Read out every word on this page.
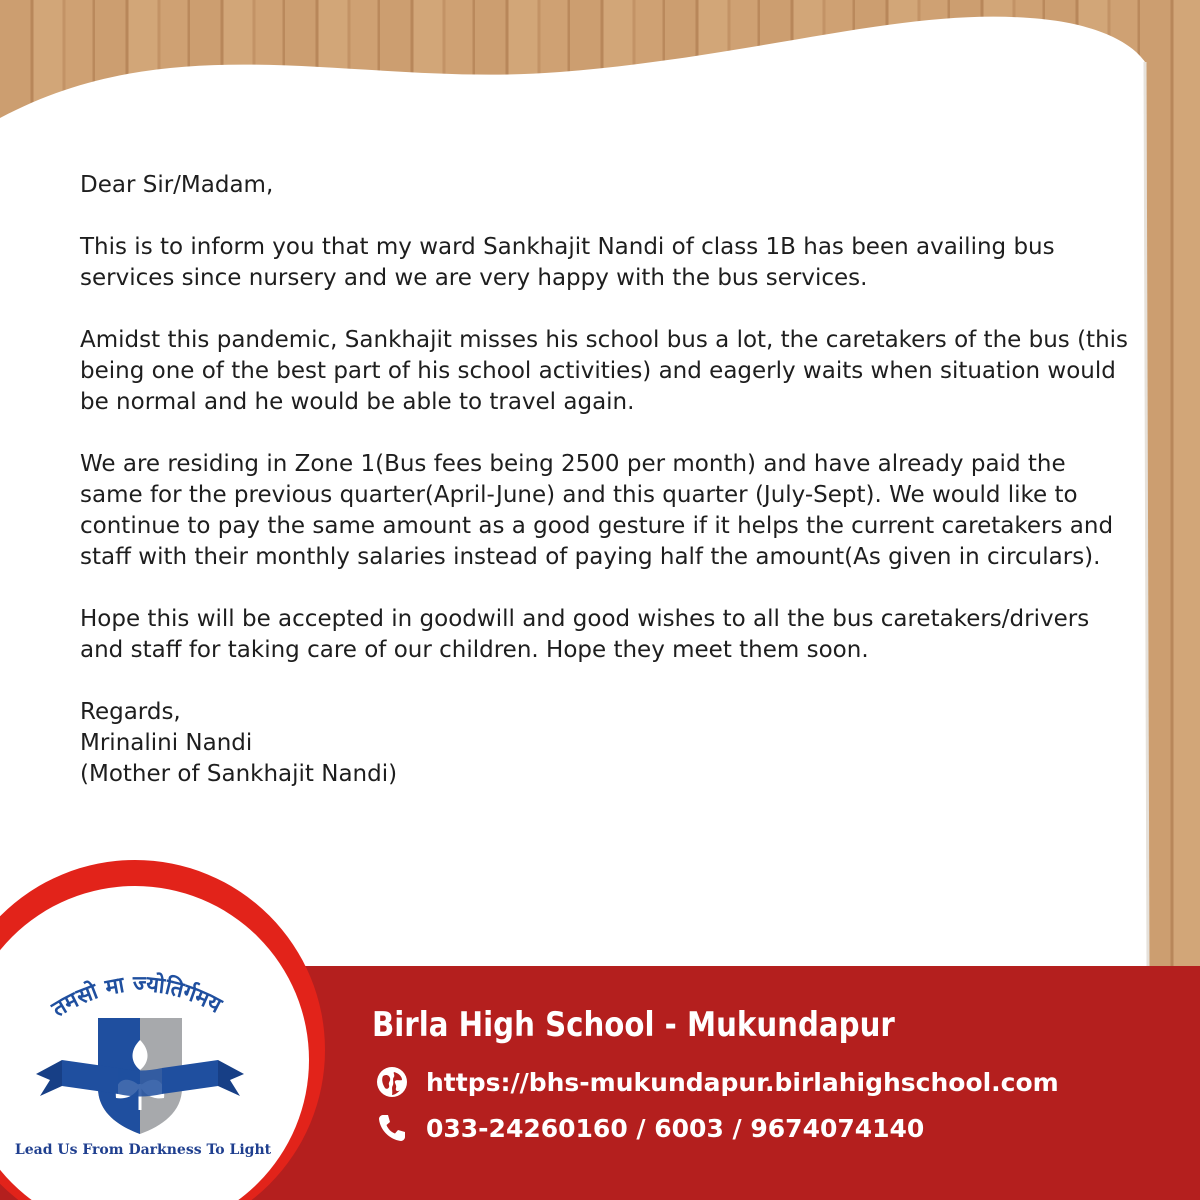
Dear Sir/Madam,

This is to inform you that my ward Sankhajit Nandi of class 1B has been availing bus services since nursery and we are very happy with the bus services.

Amidst this pandemic, Sankhajit misses his school bus a lot, the caretakers of the bus (this being one of the best part of his school activities) and eagerly waits when situation would be normal and he would be able to travel again.

We are residing in Zone 1(Bus fees being 2500 per month) and have already paid the same for the previous quarter(April-June) and this quarter (July-Sept). We would like to continue to pay the same amount as a good gesture if it helps the current caretakers and staff with their monthly salaries instead of paying half the amount(As given in circulars).

Hope this will be accepted in goodwill and good wishes to all the bus caretakers/drivers and staff for taking care of our children. Hope they meet them soon.

Regards,

Mrinalini Nandi

(Mother of Sankhajit Nandi)

तमसो मा ज्योतिर्गमय
Lead Us From Darkness To Light
Birla High School - Mukundapur
https://bhs-mukundapur.birlahighschool.com
033-24260160 / 6003 / 9674074140
